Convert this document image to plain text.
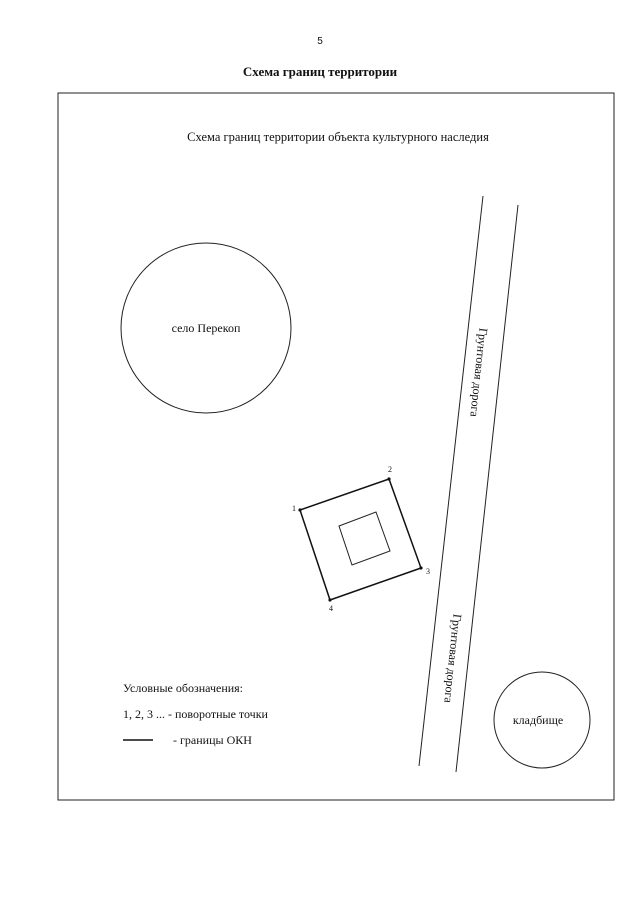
5
Схема границ территории
Схема границ территории объекта культурного наследия
село Перекоп	Грунтовая дорога
Грунтовая дорога
1
2
3
4
кладбище
Условные обозначения:
1, 2, 3 ... - поворотные точки
- границы ОКН
